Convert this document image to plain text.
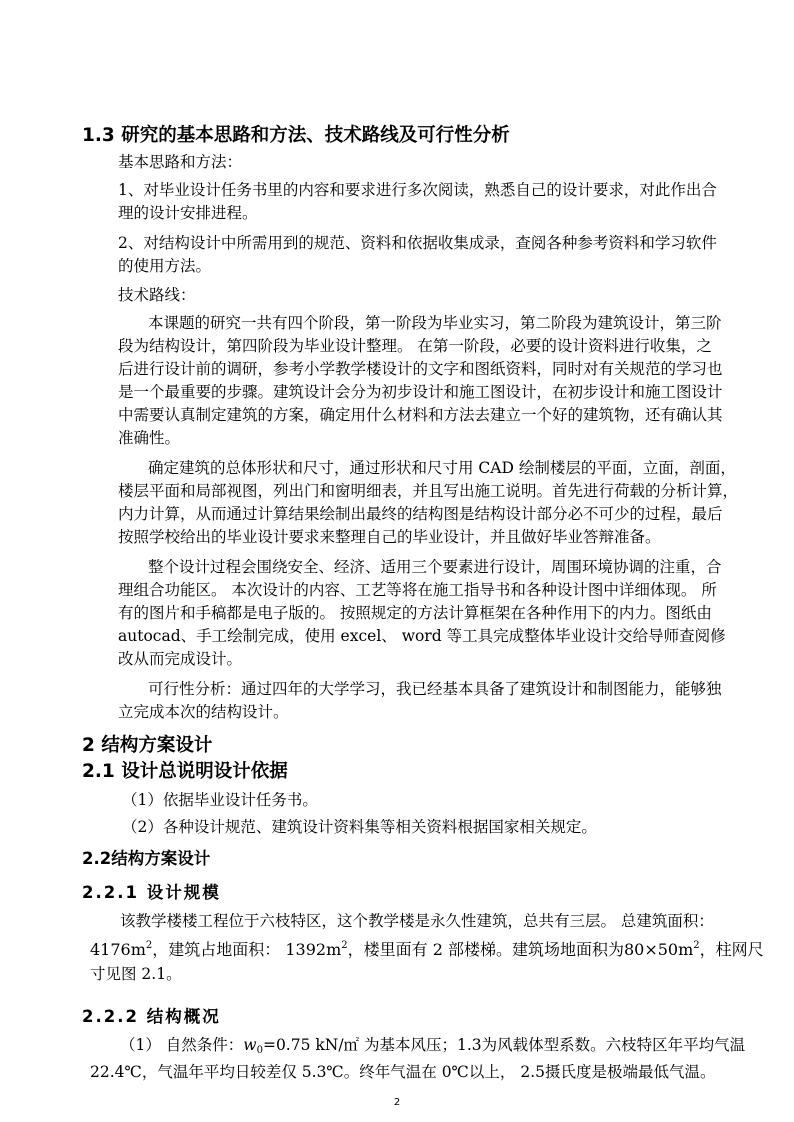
1.3 研究的基本思路和方法、技术路线及可行性分析
基本思路和方法：
1、对毕业设计任务书里的内容和要求进行多次阅读，熟悉自己的设计要求，对此作出合
理的设计安排进程。
2、对结构设计中所需用到的规范、资料和依据收集成录，查阅各种参考资料和学习软件
的使用方法。
技术路线：
本课题的研究一共有四个阶段，第一阶段为毕业实习，第二阶段为建筑设计，第三阶
段为结构设计，第四阶段为毕业设计整理。 在第一阶段，必要的设计资料进行收集，之
后进行设计前的调研，参考小学教学楼设计的文字和图纸资料，同时对有关规范的学习也
是一个最重要的步骤。建筑设计会分为初步设计和施工图设计，在初步设计和施工图设计
中需要认真制定建筑的方案，确定用什么材料和方法去建立一个好的建筑物，还有确认其
准确性。
确定建筑的总体形状和尺寸，通过形状和尺寸用 CAD 绘制楼层的平面，立面，剖面，
楼层平面和局部视图，列出门和窗明细表，并且写出施工说明。首先进行荷载的分析计算，
内力计算，从而通过计算结果绘制出最终的结构图是结构设计部分必不可少的过程，最后
按照学校给出的毕业设计要求来整理自己的毕业设计，并且做好毕业答辩准备。
整个设计过程会围绕安全、经济、适用三个要素进行设计，周围环境协调的注重，合
理组合功能区。 本次设计的内容、工艺等将在施工指导书和各种设计图中详细体现。 所
有的图片和手稿都是电子版的。 按照规定的方法计算框架在各种作用下的内力。图纸由
autocad、手工绘制完成，使用 excel、 word 等工具完成整体毕业设计交给导师查阅修
改从而完成设计。
可行性分析：通过四年的大学学习，我已经基本具备了建筑设计和制图能力，能够独
立完成本次的结构设计。
2 结构方案设计
2.1 设计总说明设计依据
（1）依据毕业设计任务书。
（2）各种设计规范、建筑设计资料集等相关资料根据国家相关规定。
2.2结构方案设计
2.2.1 设计规模
该教学楼楼工程位于六枝特区，这个教学楼是永久性建筑，总共有三层。 总建筑面积：
$4176m^2$，建筑占地面积： $1392m^2$，楼里面有 2 部楼梯。建筑场地面积为$80\times 50m^2$，柱网尺
寸见图 2.1。
2.2.2 结构概况
（1） 自然条件：$w_0=0.75$ kN/㎡ 为基本风压；1.3为风载体型系数。六枝特区年平均气温
22.4℃，气温年平均日较差仅 5.3℃。终年气温在 0℃以上， 2.5摄氏度是极端最低气温。
2
